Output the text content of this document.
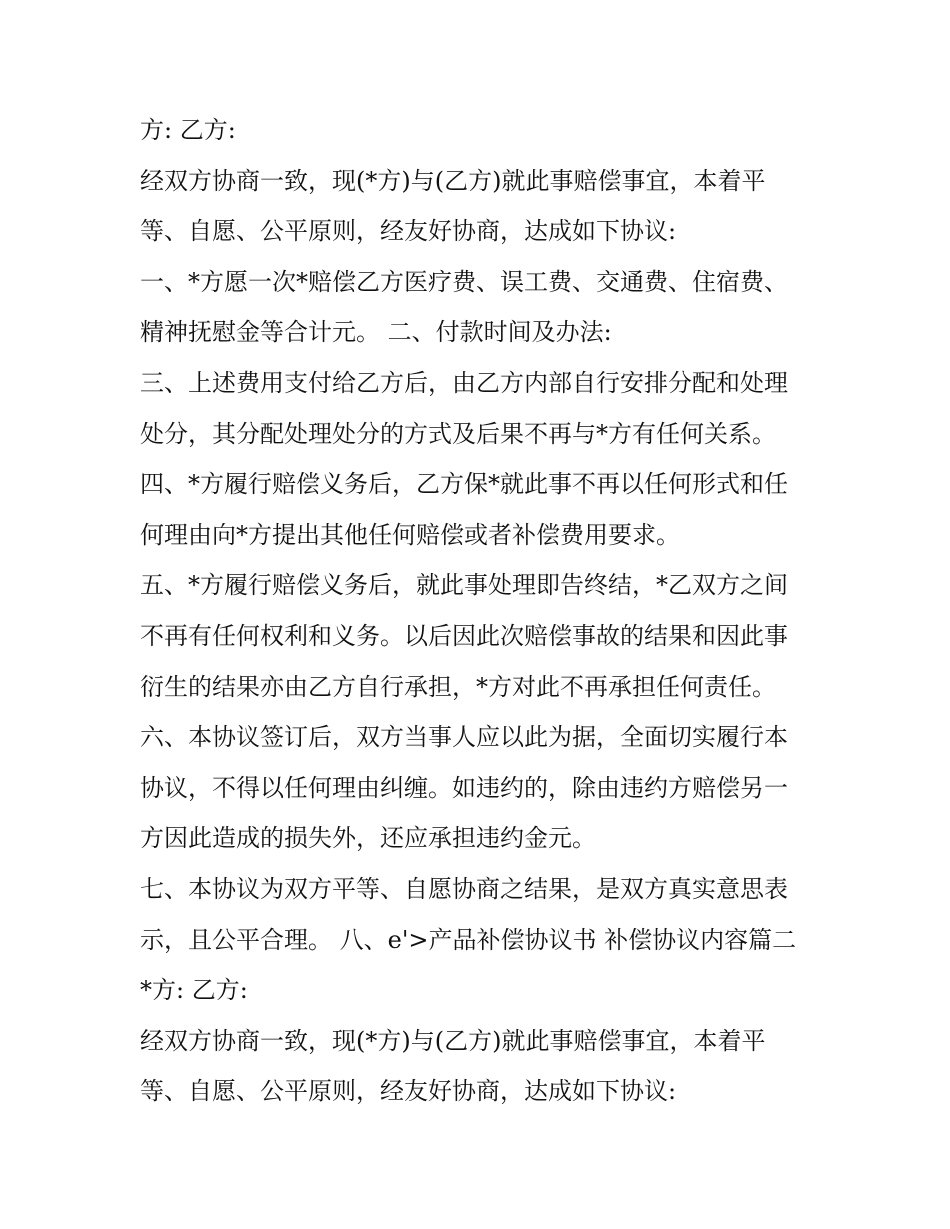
方: 乙方:

经双方协商一致，现(*方)与(乙方)就此事赔偿事宜，本着平

等、自愿、公平原则，经友好协商，达成如下协议:

一、*方愿一次*赔偿乙方医疗费、误工费、交通费、住宿费、

精神抚慰金等合计元。 二、付款时间及办法:

三、上述费用支付给乙方后，由乙方内部自行安排分配和处理

处分，其分配处理处分的方式及后果不再与*方有任何关系。

四、*方履行赔偿义务后，乙方保*就此事不再以任何形式和任

何理由向*方提出其他任何赔偿或者补偿费用要求。

五、*方履行赔偿义务后，就此事处理即告终结，*乙双方之间

不再有任何权利和义务。以后因此次赔偿事故的结果和因此事

衍生的结果亦由乙方自行承担，*方对此不再承担任何责任。

六、本协议签订后，双方当事人应以此为据，全面切实履行本

协议，不得以任何理由纠缠。如违约的，除由违约方赔偿另一

方因此造成的损失外，还应承担违约金元。

七、本协议为双方平等、自愿协商之结果，是双方真实意思表

示，且公平合理。 八、e'>产品补偿协议书 补偿协议内容篇二

*方: 乙方:

经双方协商一致，现(*方)与(乙方)就此事赔偿事宜，本着平

等、自愿、公平原则，经友好协商，达成如下协议:
